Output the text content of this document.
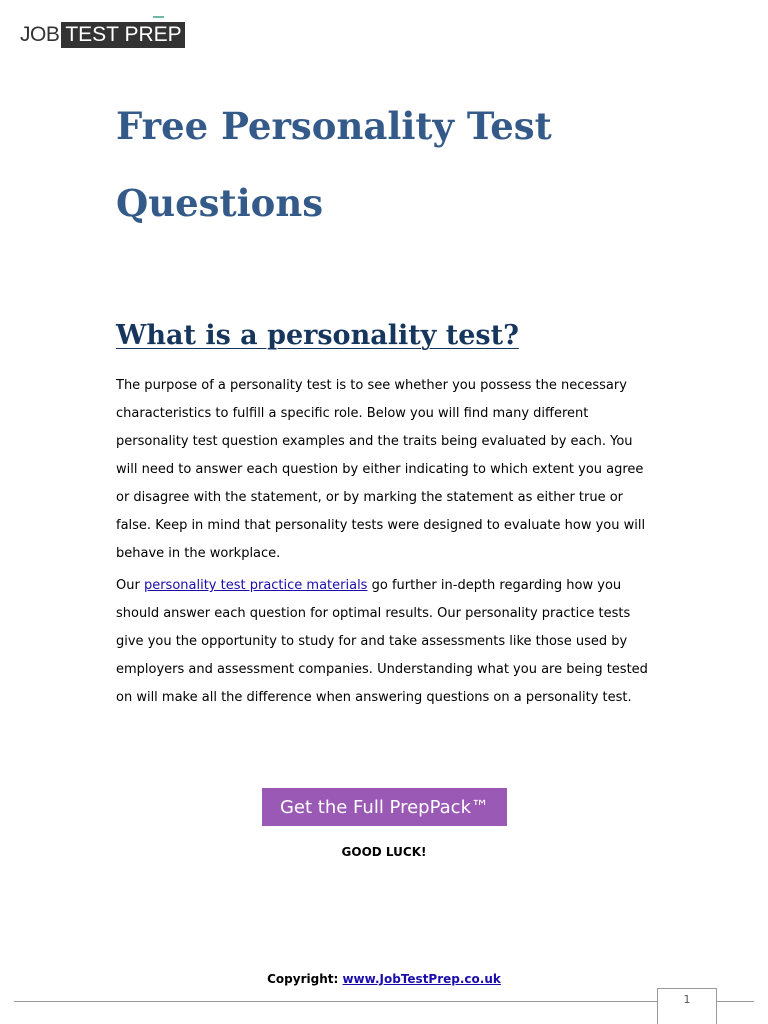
JOB TEST PREP
Free Personality Test Questions
What is a personality test?

The purpose of a personality test is to see whether you possess the necessary characteristics to fulfill a specific role. Below you will find many different personality test question examples and the traits being evaluated by each. You will need to answer each question by either indicating to which extent you agree or disagree with the statement, or by marking the statement as either true or false. Keep in mind that personality tests were designed to evaluate how you will behave in the workplace.

Our personality test practice materials go further in-depth regarding how you should answer each question for optimal results. Our personality practice tests give you the opportunity to study for and take assessments like those used by employers and assessment companies. Understanding what you are being tested on will make all the difference when answering questions on a personality test.

Get the Full PrepPack™
GOOD LUCK!
Copyright: www.JobTestPrep.co.uk
1
